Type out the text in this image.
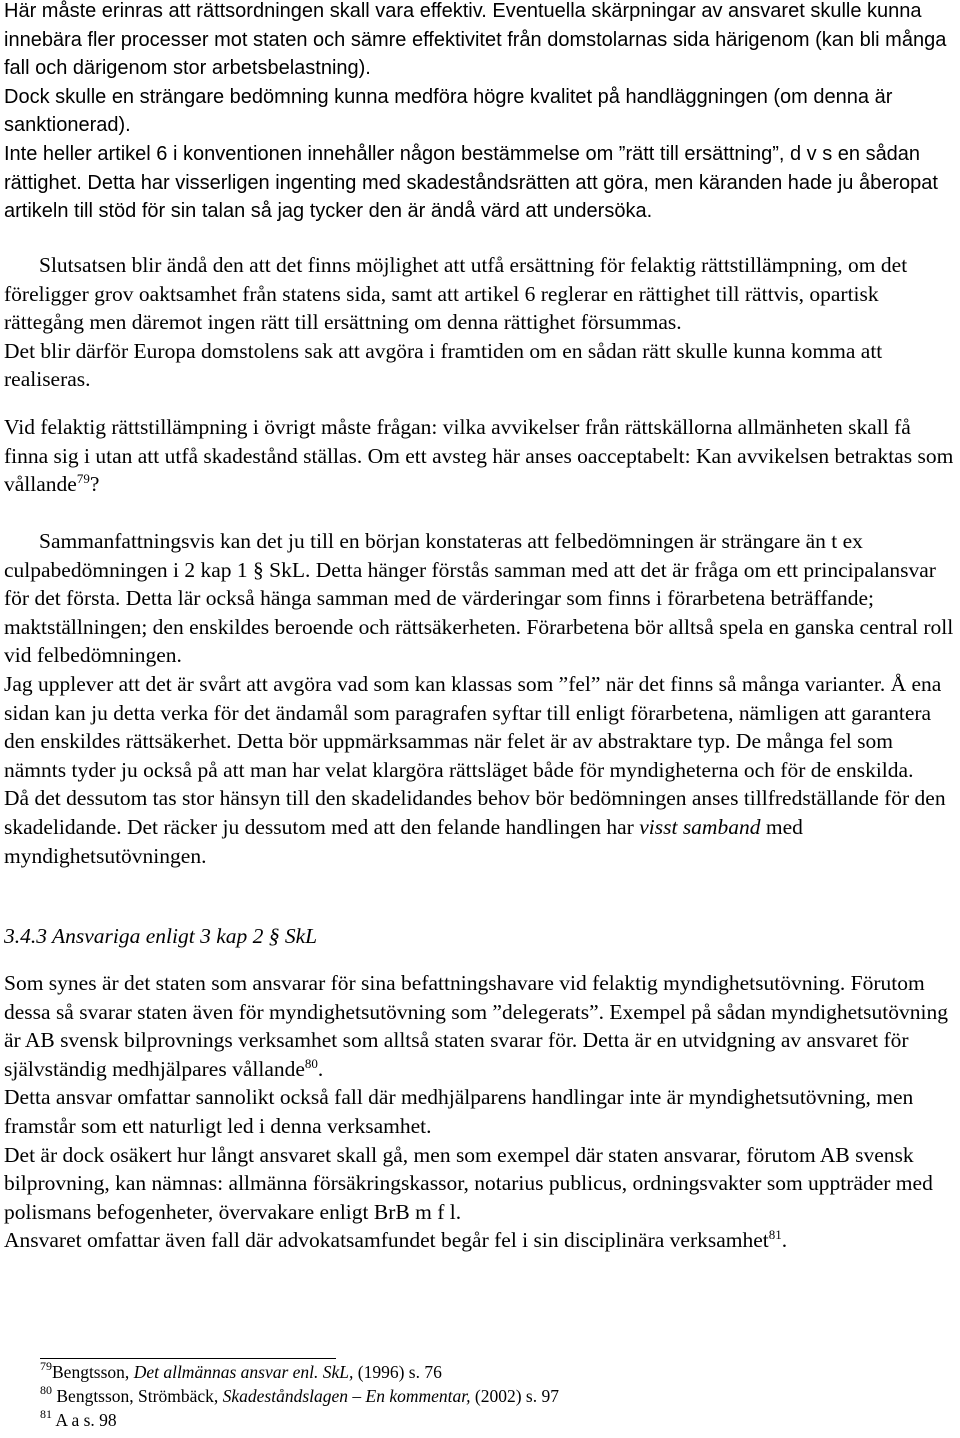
Här måste erinras att rättsordningen skall vara effektiv. Eventuella skärpningar av ansvaret skulle kunna innebära fler processer mot staten och sämre effektivitet från domstolarnas sida härigenom (kan bli många fall och därigenom stor arbetsbelastning).

Dock skulle en strängare bedömning kunna medföra högre kvalitet på handläggningen (om denna är sanktionerad).

Inte heller artikel 6 i konventionen innehåller någon bestämmelse om ”rätt till ersättning”, d v s en sådan rättighet. Detta har visserligen ingenting med skadeståndsrätten att göra, men käranden hade ju åberopat artikeln till stöd för sin talan så jag tycker den är ändå värd att undersöka.

Slutsatsen blir ändå den att det finns möjlighet att utfå ersättning för felaktig rättstillämpning, om det föreligger grov oaktsamhet från statens sida, samt att artikel 6 reglerar en rättighet till rättvis, opartisk rättegång men däremot ingen rätt till ersättning om denna rättighet försummas.

Det blir därför Europa domstolens sak att avgöra i framtiden om en sådan rätt skulle kunna komma att realiseras.

Vid felaktig rättstillämpning i övrigt måste frågan: vilka avvikelser från rättskällorna allmänheten skall få finna sig i utan att utfå skadestånd ställas. Om ett avsteg här anses oacceptabelt: Kan avvikelsen betraktas som vållande$^{79}$?

Sammanfattningsvis kan det ju till en början konstateras att felbedömningen är strängare än t ex culpabedömningen i 2 kap 1 § SkL. Detta hänger förstås samman med att det är fråga om ett principalansvar för det första. Detta lär också hänga samman med de värderingar som finns i förarbetena beträffande; maktställningen; den enskildes beroende och rättsäkerheten. Förarbetena bör alltså spela en ganska central roll vid felbedömningen.

Jag upplever att det är svårt att avgöra vad som kan klassas som ”fel” när det finns så många varianter. Å ena sidan kan ju detta verka för det ändamål som paragrafen syftar till enligt förarbetena, nämligen att garantera den enskildes rättsäkerhet. Detta bör uppmärksammas när felet är av abstraktare typ. De många fel som nämnts tyder ju också på att man har velat klargöra rättsläget både för myndigheterna och för de enskilda.

Då det dessutom tas stor hänsyn till den skadelidandes behov bör bedömningen anses tillfredställande för den skadelidande. Det räcker ju dessutom med att den felande handlingen har visst samband med myndighetsutövningen.

3.4.3 Ansvariga enligt 3 kap 2 § SkL

Som synes är det staten som ansvarar för sina befattningshavare vid felaktig myndighetsutövning. Förutom dessa så svarar staten även för myndighetsutövning som ”delegerats”. Exempel på sådan myndighetsutövning är AB svensk bilprovnings verksamhet som alltså staten svarar för. Detta är en utvidgning av ansvaret för självständig medhjälpares vållande$^{80}$.

Detta ansvar omfattar sannolikt också fall där medhjälparens handlingar inte är myndighetsutövning, men framstår som ett naturligt led i denna verksamhet.

Det är dock osäkert hur långt ansvaret skall gå, men som exempel där staten ansvarar, förutom AB svensk bilprovning, kan nämnas: allmänna försäkringskassor, notarius publicus, ordningsvakter som uppträder med polismans befogenheter, övervakare enligt BrB m f l.

Ansvaret omfattar även fall där advokatsamfundet begår fel i sin disciplinära verksamhet$^{81}$.

$^{79}$Bengtsson, Det allmännas ansvar enl. SkL, (1996) s. 76
$^{80}$ Bengtsson, Strömbäck, Skadeståndslagen – En kommentar, (2002) s. 97
$^{81}$ A a s. 98
